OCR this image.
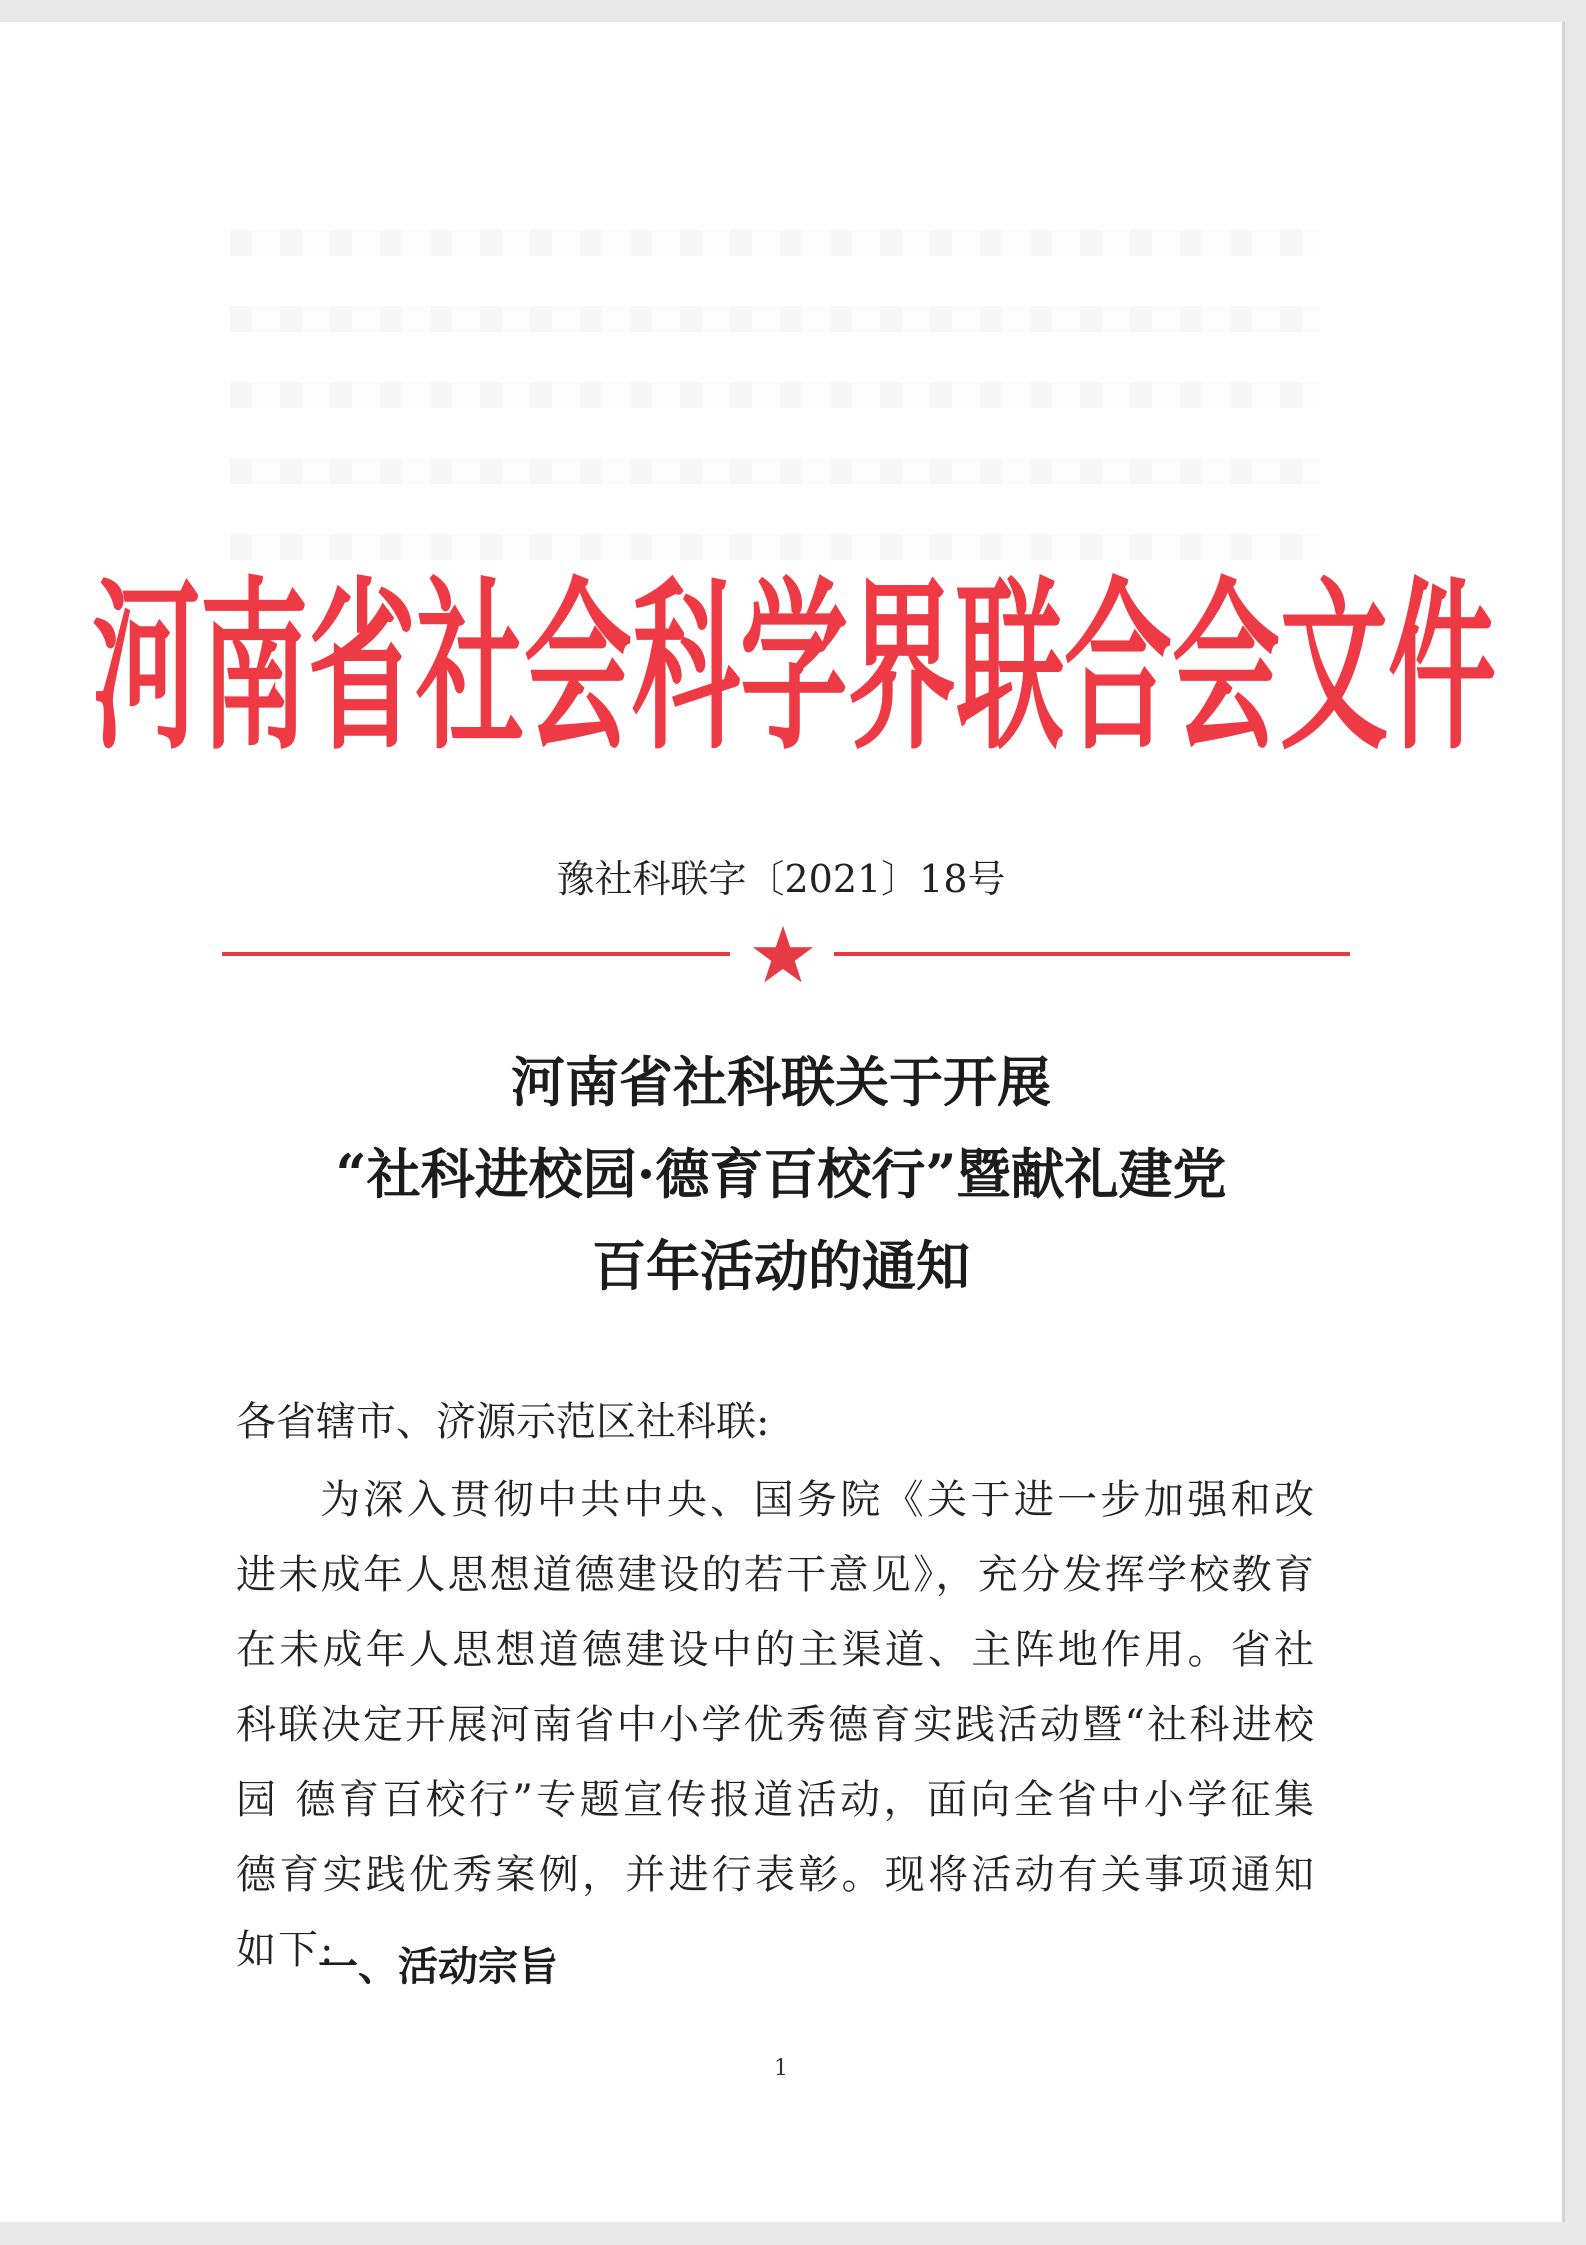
河南省社会科学界联合会文件
豫社科联字〔2021〕18号
河南省社科联关于开展
“社科进校园·德育百校行”暨献礼建党
百年活动的通知
各省辖市、济源示范区社科联:
为深入贯彻中共中央、国务院《关于进一步加强和改进未成年人思想道德建设的若干意见》，充分发挥学校教育在未成年人思想道德建设中的主渠道、主阵地作用。省社科联决定开展河南省中小学优秀德育实践活动暨“社科进校园 德育百校行”专题宣传报道活动，面向全省中小学征集德育实践优秀案例，并进行表彰。现将活动有关事项通知如下:
一、活动宗旨
1
